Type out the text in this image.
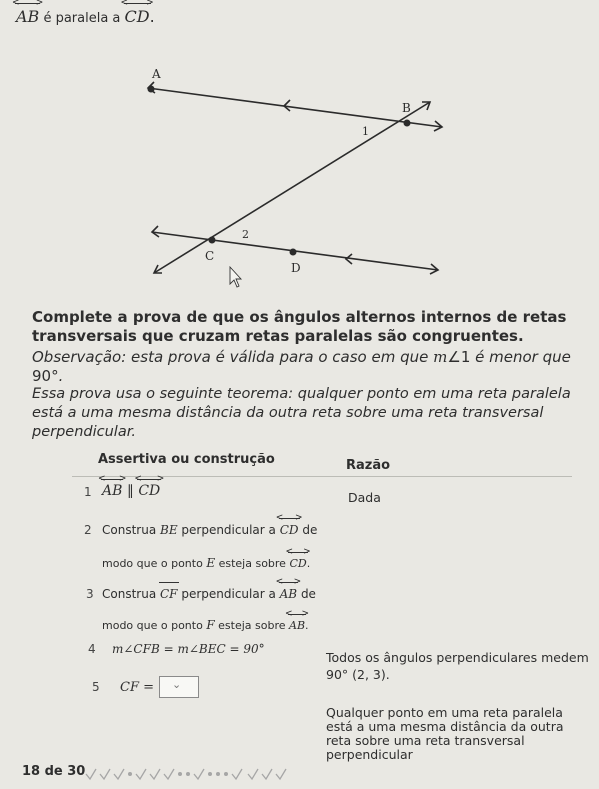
< >
AB é paralela a
< >
CD.
A
B
1
2
C
D

Complete a prova de que os ângulos alternos internos de retas transversais que cruzam retas paralelas são congruentes.

Observação: esta prova é válida para o caso em que m∠1 é menor que 90°.

Essa prova usa o seguinte teorema: qualquer ponto em uma reta paralela está a uma mesma distância da outra reta sobre uma reta transversal perpendicular.
Assertiva ou construção	Razão
1
< >
AB ∥
< >
CD	Dada
2 Construa BE perpendicular a
< >
CD de
modo que o ponto E esteja sobre
< >
CD.
3 Construa CF perpendicular a
< >
AB de
modo que o ponto F esteja sobre
< >
AB.
4 m∠CFB = m∠BEC = 90°
Todos os ângulos perpendiculares medem
90° (2, 3).
5 CF = ⌄
Qualquer ponto em uma reta paralela está a uma mesma distância da outra reta sobre uma reta transversal perpendicular
18 de 30
